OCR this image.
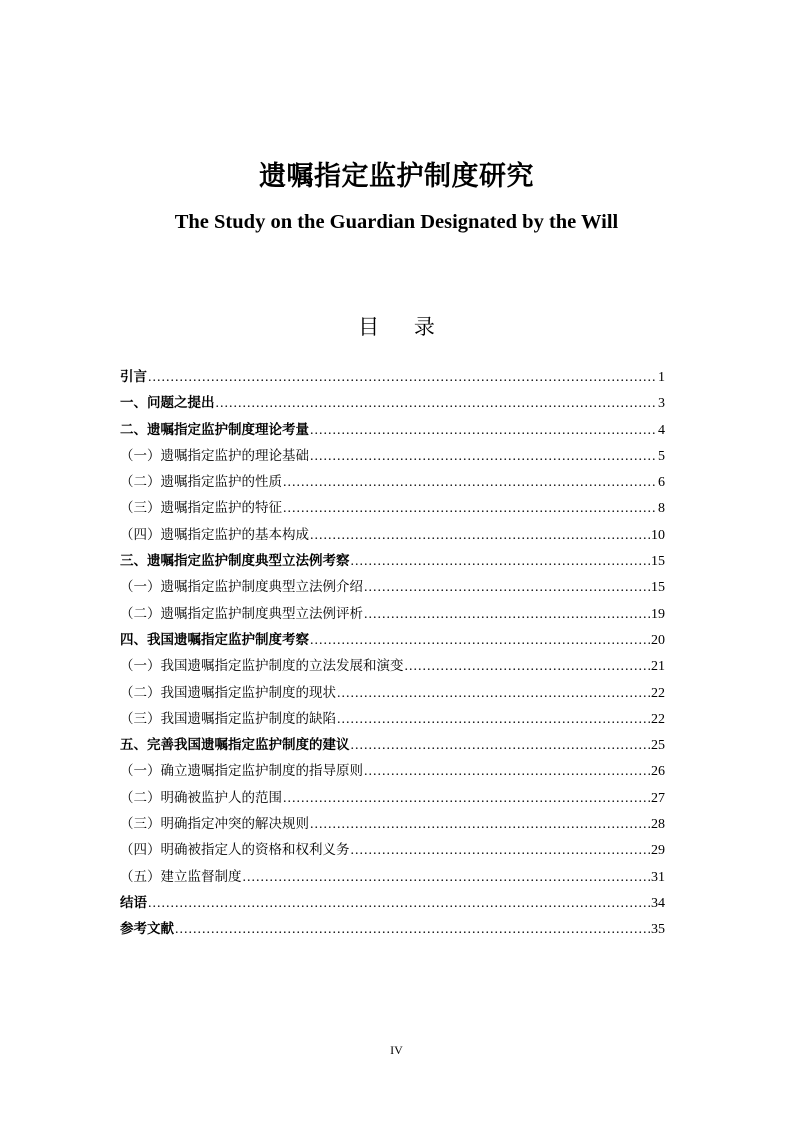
遗嘱指定监护制度研究
The Study on the Guardian Designated by the Will
目 录
引言 .....	1
一、问题之提出 .....	3
二、遗嘱指定监护制度理论考量 .....	4
（一）遗嘱指定监护的理论基础 .....	5
（二）遗嘱指定监护的性质 .....	6
（三）遗嘱指定监护的特征 .....	8
（四）遗嘱指定监护的基本构成 .....	10
三、遗嘱指定监护制度典型立法例考察 .....	15
（一）遗嘱指定监护制度典型立法例介绍 .....	15
（二）遗嘱指定监护制度典型立法例评析 .....	19
四、我国遗嘱指定监护制度考察 .....	20
（一）我国遗嘱指定监护制度的立法发展和演变 .....	21
（二）我国遗嘱指定监护制度的现状 .....	22
（三）我国遗嘱指定监护制度的缺陷 .....	22
五、完善我国遗嘱指定监护制度的建议 .....	25
（一）确立遗嘱指定监护制度的指导原则 .....	26
（二）明确被监护人的范围 .....	27
（三）明确指定冲突的解决规则 .....	28
（四）明确被指定人的资格和权利义务 .....	29
（五）建立监督制度 .....	31
结语 .....	34
参考文献 .....	35
IV
